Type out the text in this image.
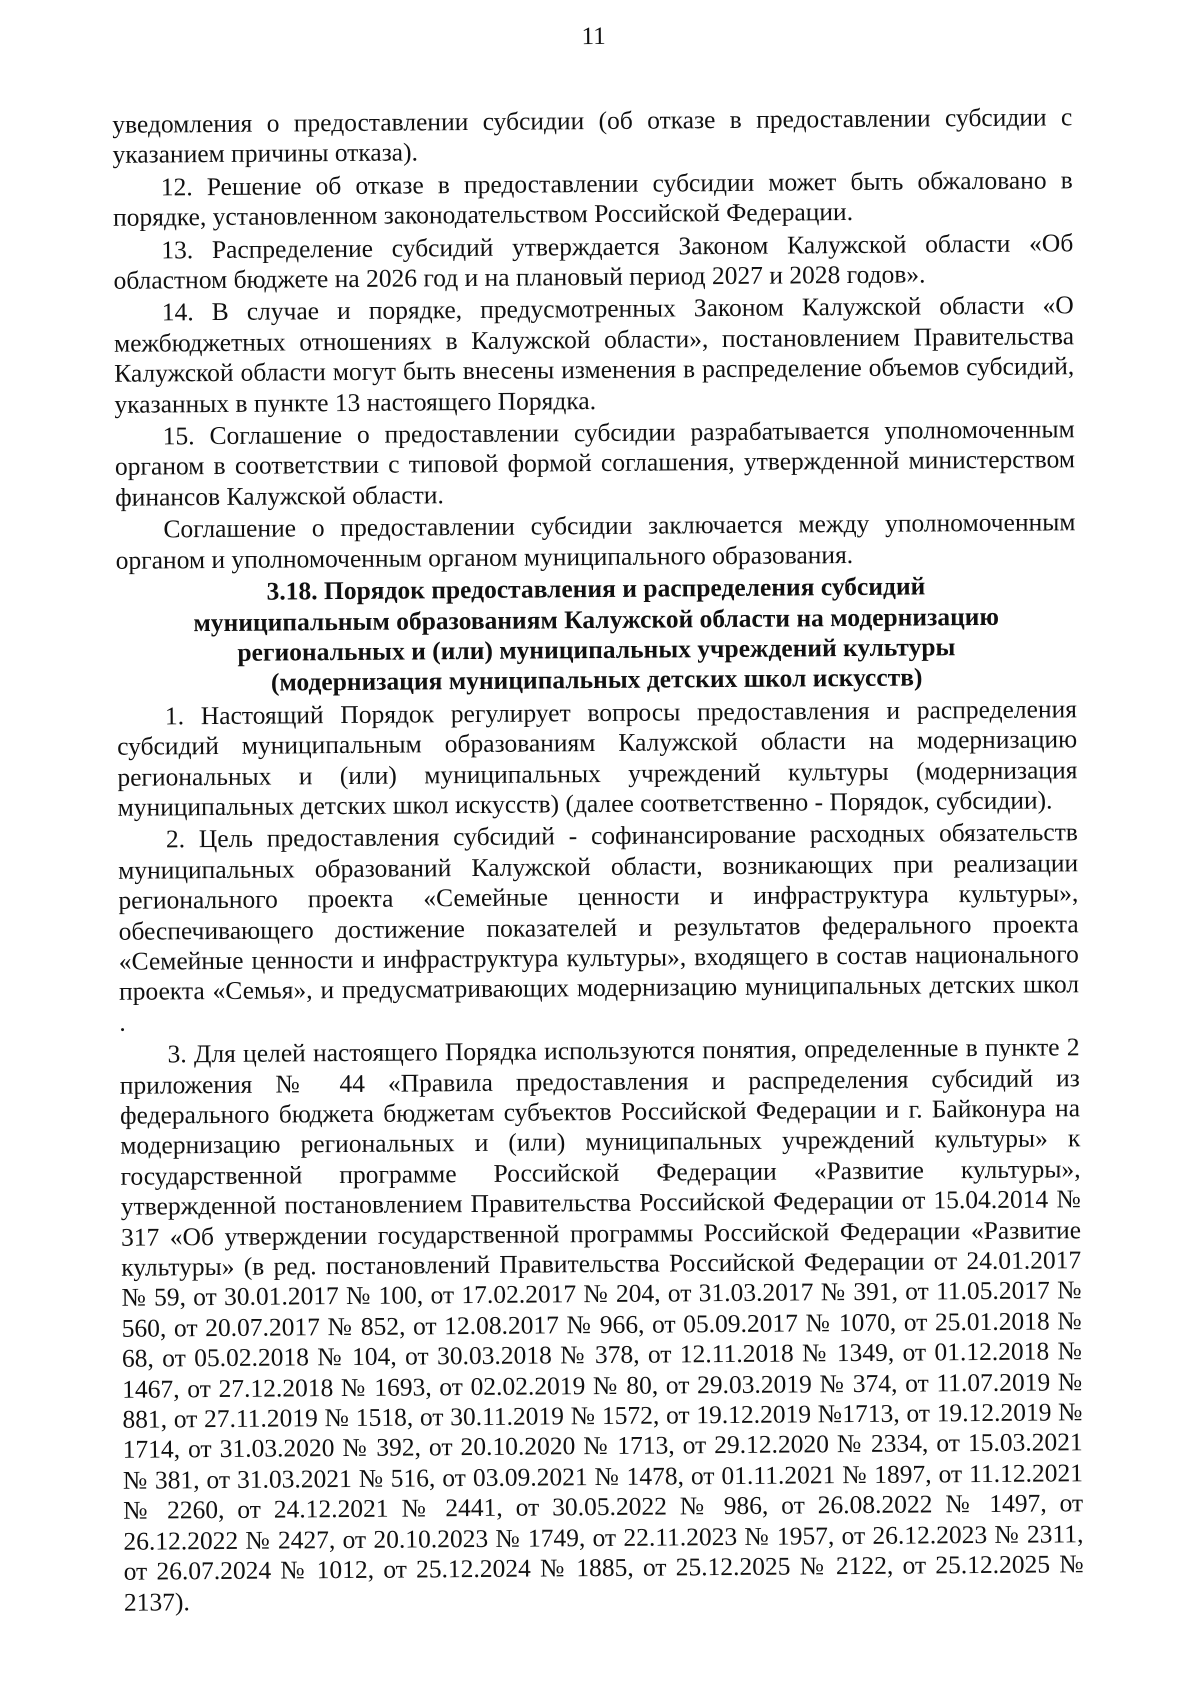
11

уведомления о предоставлении субсидии (об отказе в предоставлении субсидии с указанием причины отказа).

12. Решение об отказе в предоставлении субсидии может быть обжаловано в порядке, установленном законодательством Российской Федерации.

13. Распределение субсидий утверждается Законом Калужской области «Об областном бюджете на 2026 год и на плановый период 2027 и 2028 годов».

14. В случае и порядке, предусмотренных Законом Калужской области «О межбюджетных отношениях в Калужской области», постановлением Правительства Калужской области могут быть внесены изменения в распределение объемов субсидий, указанных в пункте 13 настоящего Порядка.

15. Соглашение о предоставлении субсидии разрабатывается уполномоченным органом в соответствии с типовой формой соглашения, утвержденной министерством финансов Калужской области.

Соглашение о предоставлении субсидии заключается между уполномоченным органом и уполномоченным органом муниципального образования.

3.18. Порядок предоставления и распределения субсидий муниципальным образованиям Калужской области на модернизацию региональных и (или) муниципальных учреждений культуры (модернизация муниципальных детских школ искусств)

1. Настоящий Порядок регулирует вопросы предоставления и распределения субсидий муниципальным образованиям Калужской области на модернизацию региональных и (или) муниципальных учреждений культуры (модернизация муниципальных детских школ искусств) (далее соответственно - Порядок, субсидии).

2. Цель предоставления субсидий - софинансирование расходных обязательств муниципальных образований Калужской области, возникающих при реализации регионального проекта «Семейные ценности и инфраструктура культуры», обеспечивающего достижение показателей и результатов федерального проекта «Семейные ценности и инфраструктура культуры», входящего в состав национального проекта «Семья», и предусматривающих модернизацию муниципальных детских школ .

3. Для целей настоящего Порядка используются понятия, определенные в пункте 2 приложения № 44 «Правила предоставления и распределения субсидий из федерального бюджета бюджетам субъектов Российской Федерации и г. Байконура на модернизацию региональных и (или) муниципальных учреждений культуры» к государственной программе Российской Федерации «Развитие культуры», утвержденной постановлением Правительства Российской Федерации от 15.04.2014 № 317 «Об утверждении государственной программы Российской Федерации «Развитие культуры» (в ред. постановлений Правительства Российской Федерации от 24.01.2017 № 59, от 30.01.2017 № 100, от 17.02.2017 № 204, от 31.03.2017 № 391, от 11.05.2017 № 560, от 20.07.2017 № 852, от 12.08.2017 № 966, от 05.09.2017 № 1070, от 25.01.2018 № 68, от 05.02.2018 № 104, от 30.03.2018 № 378, от 12.11.2018 № 1349, от 01.12.2018 № 1467, от 27.12.2018 № 1693, от 02.02.2019 № 80, от 29.03.2019 № 374, от 11.07.2019 № 881, от 27.11.2019 № 1518, от 30.11.2019 № 1572, от 19.12.2019 №1713, от 19.12.2019 № 1714, от 31.03.2020 № 392, от 20.10.2020 № 1713, от 29.12.2020 № 2334, от 15.03.2021 № 381, от 31.03.2021 № 516, от 03.09.2021 № 1478, от 01.11.2021 № 1897, от 11.12.2021 № 2260, от 24.12.2021 № 2441, от 30.05.2022 № 986, от 26.08.2022 № 1497, от 26.12.2022 № 2427, от 20.10.2023 № 1749, от 22.11.2023 № 1957, от 26.12.2023 № 2311, от 26.07.2024 № 1012, от 25.12.2024 № 1885, от 25.12.2025 № 2122, от 25.12.2025 № 2137).
